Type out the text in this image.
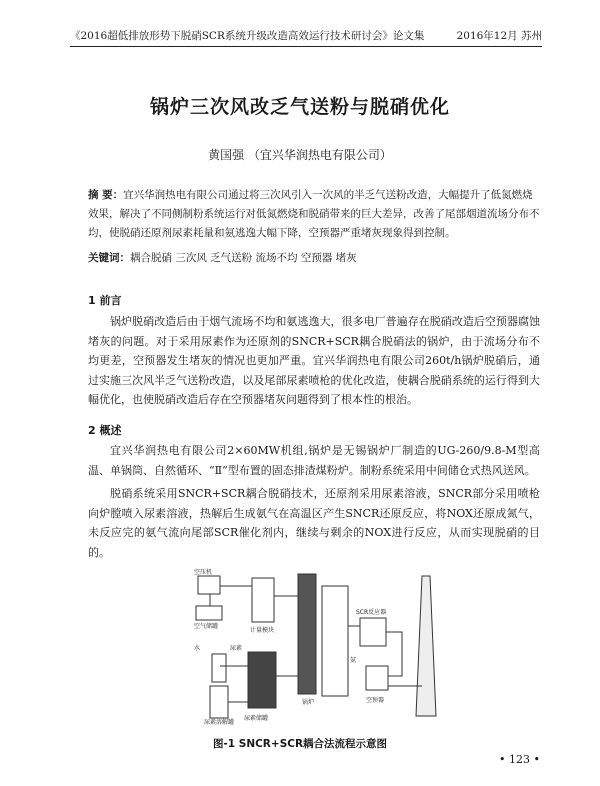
《2016超低排放形势下脱硝SCR系统升级改造高效运行技术研讨会》论文集	2016年12月 苏州
锅炉三次风改乏气送粉与脱硝优化
黄国强 （宜兴华润热电有限公司）
摘 要：宜兴华润热电有限公司通过将三次风引入一次风的半乏气送粉改造，大幅提升了低氮燃烧效果，解决了不同侧制粉系统运行对低氮燃烧和脱硝带来的巨大差异，改善了尾部烟道流场分布不均，使脱硝还原剂尿素耗量和氨逃逸大幅下降，空预器严重堵灰现象得到控制。
关键词：耦合脱硝 三次风 乏气送粉 流场不均 空预器 堵灰
1 前言
锅炉脱硝改造后由于烟气流场不均和氨逃逸大，很多电厂普遍存在脱硝改造后空预器腐蚀堵灰的问题。对于采用尿素作为还原剂的SNCR+SCR耦合脱硝法的锅炉，由于流场分布不均更差，空预器发生堵灰的情况也更加严重。宜兴华润热电有限公司260t/h锅炉脱硝后，通过实施三次风半乏气送粉改造，以及尾部尿素喷枪的优化改造，使耦合脱硝系统的运行得到大幅优化，也使脱硝改造后存在空预器堵灰问题得到了根本性的根治。
2 概述
宜兴华润热电有限公司2×60MW机组,锅炉是无锡锅炉厂制造的UG-260/9.8-M型高温、单锅筒、自然循环、“Ⅱ”型布置的固态排渣煤粉炉。制粉系统采用中间储仓式热风送风。
脱硝系统采用SNCR+SCR耦合脱硝技术，还原剂采用尿素溶液，SNCR部分采用喷枪向炉膛喷入尿素溶液，热解后生成氨气在高温区产生SNCR还原反应，将NOX还原成氮气，未反应完的氨气流向尾部SCR催化剂内，继续与剩余的NOX进行反应，从而实现脱硝的目的。
空压机
空气储罐
水	尿素
尿素溶解罐
尿素储罐
计量模块
锅炉
SCR反应器
空预器
氨
图-1 SNCR+SCR耦合法流程示意图
• 123 •
